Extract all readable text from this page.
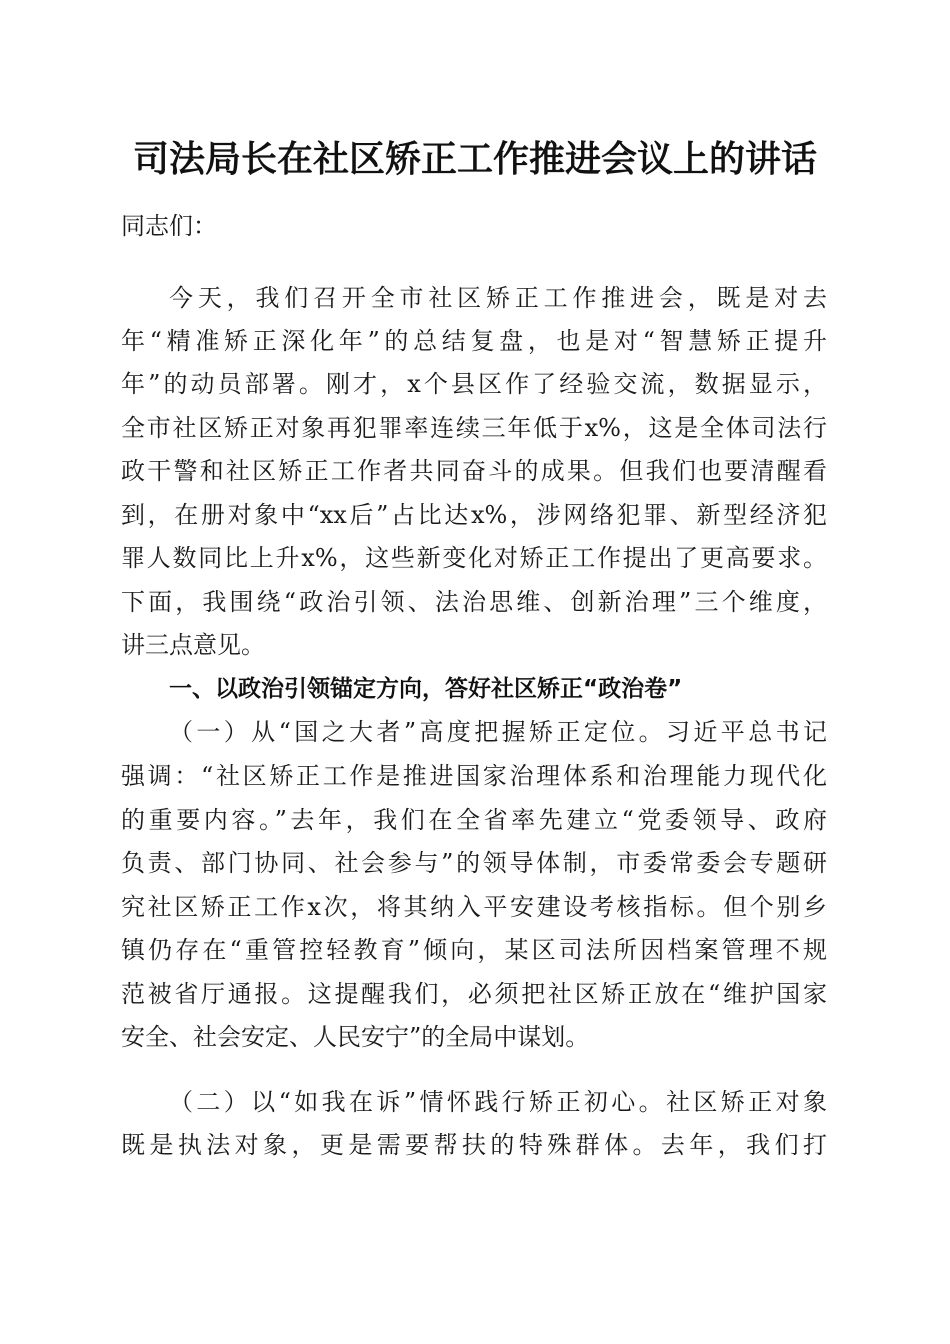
司法局长在社区矫正工作推进会议上的讲话
同志们：
今天，我们召开全市社区矫正工作推进会，既是对去
年“精准矫正深化年”的总结复盘，也是对“智慧矫正提升
年”的动员部署。刚才，x个县区作了经验交流，数据显示，
全市社区矫正对象再犯罪率连续三年低于x%，这是全体司法行
政干警和社区矫正工作者共同奋斗的成果。但我们也要清醒看
到，在册对象中“xx后”占比达x%，涉网络犯罪、新型经济犯
罪人数同比上升x%，这些新变化对矫正工作提出了更高要求。
下面，我围绕“政治引领、法治思维、创新治理”三个维度，
讲三点意见。
一、以政治引领锚定方向，答好社区矫正“政治卷”
（一）从“国之大者”高度把握矫正定位。习近平总书记
强调：“社区矫正工作是推进国家治理体系和治理能力现代化
的重要内容。”去年，我们在全省率先建立“党委领导、政府
负责、部门协同、社会参与”的领导体制，市委常委会专题研
究社区矫正工作x次，将其纳入平安建设考核指标。但个别乡
镇仍存在“重管控轻教育”倾向，某区司法所因档案管理不规
范被省厅通报。这提醒我们，必须把社区矫正放在“维护国家
安全、社会安定、人民安宁”的全局中谋划。
（二）以“如我在诉”情怀践行矫正初心。社区矫正对象
既是执法对象，更是需要帮扶的特殊群体。去年，我们打
